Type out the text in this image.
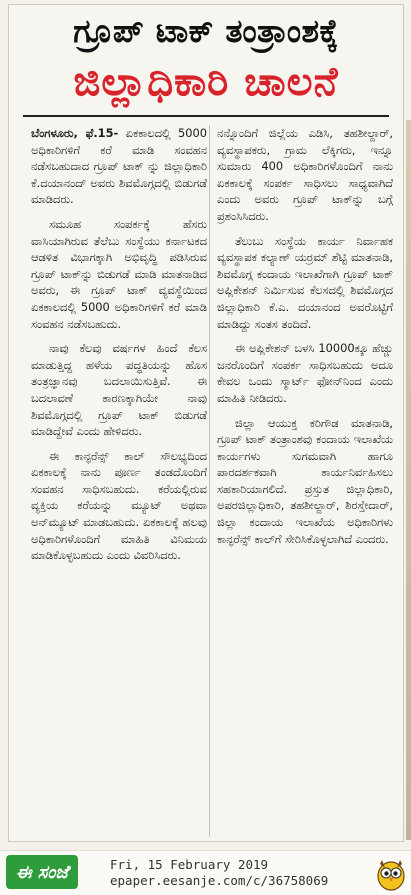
ಗ್ರೂಪ್ ಟಾಕ್ ತಂತ್ರಾಂಶಕ್ಕೆ
ಜಿಲ್ಲಾಧಿಕಾರಿ ಚಾಲನೆ

ಬೆಂಗಳೂರು, ಫೆ.15- ಏಕಕಾಲದಲ್ಲಿ 5000 ಅಧಿಕಾರಿಗಳಿಗೆ ಕರೆ ಮಾಡಿ ಸಂವಹನ ನಡೆಸಬಹುದಾದ ಗ್ರೂಪ್ ಟಾಕ್ ನ್ನು ಜಿಲ್ಲಾಧಿಕಾರಿ ಕೆ.ದಯಾನಂದ್ ಅವರು ಶಿವಮೊಗ್ಗದಲ್ಲಿ ಬಿಡುಗಡೆ ಮಾಡಿದರು.

ಸಮೂಹ ಸಂಪರ್ಕಕ್ಕೆ ಹೆಸರು ವಾಸಿಯಾಗಿರುವ ತೆಲೆಬು ಸಂಸ್ಥೆಯು ಕರ್ನಾಟಕದ ಆಡಳಿತ ವಿಭಾಗಕ್ಕಾಗಿ ಅಭಿವೃದ್ಧಿ ಪಡಿಸಿರುವ ಗ್ರೂಪ್ ಟಾಕ್‌ನ್ನು ಬಿಡುಗಡೆ ಮಾಡಿ ಮಾತನಾಡಿದ ಅವರು, ಈ ಗ್ರೂಪ್ ಟಾಕ್ ವ್ಯವಸ್ಥೆಯಿಂದ ಏಕಕಾಲದಲ್ಲಿ 5000 ಅಧಿಕಾರಿಗಳಿಗೆ ಕರೆ ಮಾಡಿ ಸಂವಹನ ನಡೆಸಬಹುದು.

ನಾವು ಕೆಲವು ವರ್ಷಗಳ ಹಿಂದೆ ಕೆಲಸ ಮಾಡುತ್ತಿದ್ದ ಹಳೆಯ ಪದ್ಧತಿಯನ್ನು ಹೊಸ ತಂತ್ರಜ್ಞಾನವು ಬದಲಾಯಿಸುತ್ತಿವೆ. ಈ ಬದಲಾವಣೆ ಕಾರಣಕ್ಕಾಗಿಯೇ ನಾವು ಶಿವಮೊಗ್ಗದಲ್ಲಿ ಗ್ರೂಪ್ ಟಾಕ್ ಬಿಡುಗಡೆ ಮಾಡಿದ್ದೇವೆ ಎಂದು ಹೇಳಿದರು.

ಈ ಕಾನ್ಫರೆನ್ಸ್ ಕಾಲ್ ಸೌಲಭ್ಯದಿಂದ ಏಕಕಾಲಕ್ಕೆ ನಾನು ಪೂರ್ಣ ತಂಡದೊಂದಿಗೆ ಸಂವಹನ ಸಾಧಿಸಬಹುದು. ಕರೆಯಲ್ಲಿರುವ ವ್ಯಕ್ತಿಯ ಕರೆಯನ್ನು ಮ್ಯೂಟ್ ಅಥವಾ ಅನ್‌ಮ್ಯೂಟ್ ಮಾಡಬಹುದು. ಏಕಕಾಲಕ್ಕೆ ಹಲವು ಅಧಿಕಾರಿಗಳೊಂದಿಗೆ ಮಾಹಿತಿ ವಿನಿಮಯ ಮಾಡಿಕೊಳ್ಳಬಹುದು ಎಂದು ವಿವರಿಸಿದರು.

ನನ್ನೊಂದಿಗೆ ಜಿಲ್ಲೆಯ ಎಡಿಸಿ, ತಹಶೀಲ್ದಾರ್, ವ್ಯವಸ್ಥಾಪಕರು, ಗ್ರಾಮ ಲೆಕ್ಕಿಗರು, ಇನ್ನೂ ಸುಮಾರು 400 ಅಧಿಕಾರಿಗಳೊಂದಿಗೆ ನಾನು ಏಕಕಾಲಕ್ಕೆ ಸಂಪರ್ಕ ಸಾಧಿಸಲು ಸಾಧ್ಯವಾಗಿದೆ ಎಂದು ಅವರು ಗ್ರೂಪ್ ಟಾಕ್‌ನ್ನು ಬಗ್ಗೆ ಪ್ರಶಂಸಿಸಿದರು.

ತೆಲುಬು ಸಂಸ್ಥೆಯ ಕಾರ್ಯ ನಿರ್ವಾಹಕ ವ್ಯವಸ್ಥಾಪಕ ಕಲ್ಯಾಣ್ ಯರ್ರಮ್ ಶೆಟ್ಟಿ ಮಾತನಾಡಿ, ಶಿವಮೊಗ್ಗ ಕಂದಾಯ ಇಲಾಖೆಗಾಗಿ ಗ್ರೂಪ್ ಟಾಕ್ ಅಪ್ಲಿಕೇಶನ್ ನಿರ್ಮಿಸುವ ಕೆಲಸದಲ್ಲಿ ಶಿವಮೊಗ್ಗದ ಜಿಲ್ಲಾಧಿಕಾರಿ ಕೆ.ಎ. ದಯಾನಂದ ಅವರೊಟ್ಟಿಗೆ ಮಾಡಿದ್ದು ಸಂತಸ ತಂದಿದೆ.

ಈ ಅಪ್ಲಿಕೇಶನ್ ಬಳಸಿ 10000ಕ್ಕೂ ಹೆಚ್ಚು ಜನರೊಂದಿಗೆ ಸಂಪರ್ಕ ಸಾಧಿಸಬಹುದು ಅದೂ ಕೇವಲ ಒಂದು ಸ್ಮಾರ್ಟ್ ಫೋನ್‌ನಿಂದ ಎಂದು ಮಾಹಿತಿ ನೀಡಿದರು.

ಜಿಲ್ಲಾ ಆಯುಕ್ತ ಕರಿಗೌಡ ಮಾತನಾಡಿ, ಗ್ರೂಪ್ ಟಾಕ್ ತಂತ್ರಾಂಶವು ಕಂದಾಯ ಇಲಾಖೆಯ ಕಾರ್ಯಗಳು ಸುಗಮವಾಗಿ ಹಾಗೂ ಪಾರದರ್ಶಕವಾಗಿ ಕಾರ್ಯನಿರ್ವಹಿಸಲು ಸಹಕಾರಿಯಾಗಲಿದೆ. ಪ್ರಸ್ತುತ ಜಿಲ್ಲಾಧಿಕಾರಿ, ಅಪರಜಿಲ್ಲಾಧಿಕಾರಿ, ತಹಶೀಲ್ದಾರ್, ಶಿರಸ್ತೇದಾರ್, ಜಿಲ್ಲಾ ಕಂದಾಯ ಇಲಾಖೆಯ ಅಧಿಕಾರಿಗಳು ಕಾನ್ಫರೆನ್ಸ್ ಕಾಲ್‌ಗೆ ಸೇರಿಸಿಕೊಳ್ಳಲಾಗಿದೆ ಎಂದರು.

ಈ ಸಂಜೆ	Fri, 15 February 2019
epaper.eesanje.com/c/36758069
